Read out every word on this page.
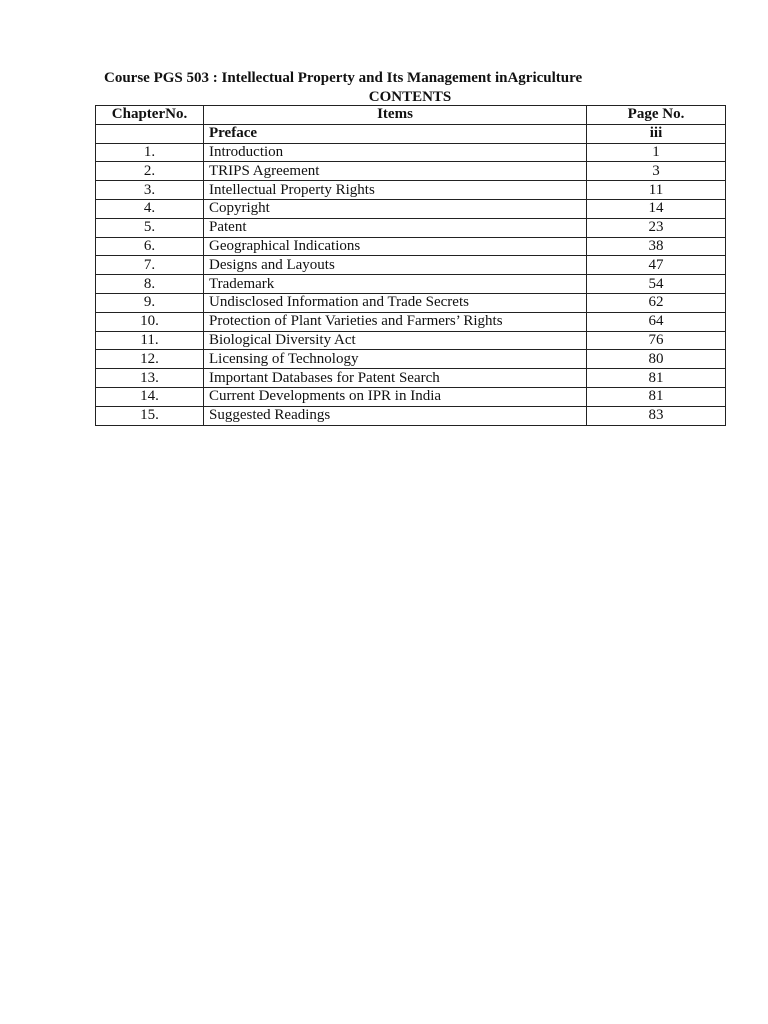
Course PGS 503 : Intellectual Property and Its Management inAgriculture
CONTENTS
ChapterNo.	Items	Page No.
	Preface	iii
1.	Introduction	1
2.	TRIPS Agreement	3
3.	Intellectual Property Rights	11
4.	Copyright	14
5.	Patent	23
6.	Geographical Indications	38
7.	Designs and Layouts	47
8.	Trademark	54
9.	Undisclosed Information and Trade Secrets	62
10.	Protection of Plant Varieties and Farmers’ Rights	64
11.	Biological Diversity Act	76
12.	Licensing of Technology	80
13.	Important Databases for Patent Search	81
14.	Current Developments on IPR in India	81
15.	Suggested Readings	83
